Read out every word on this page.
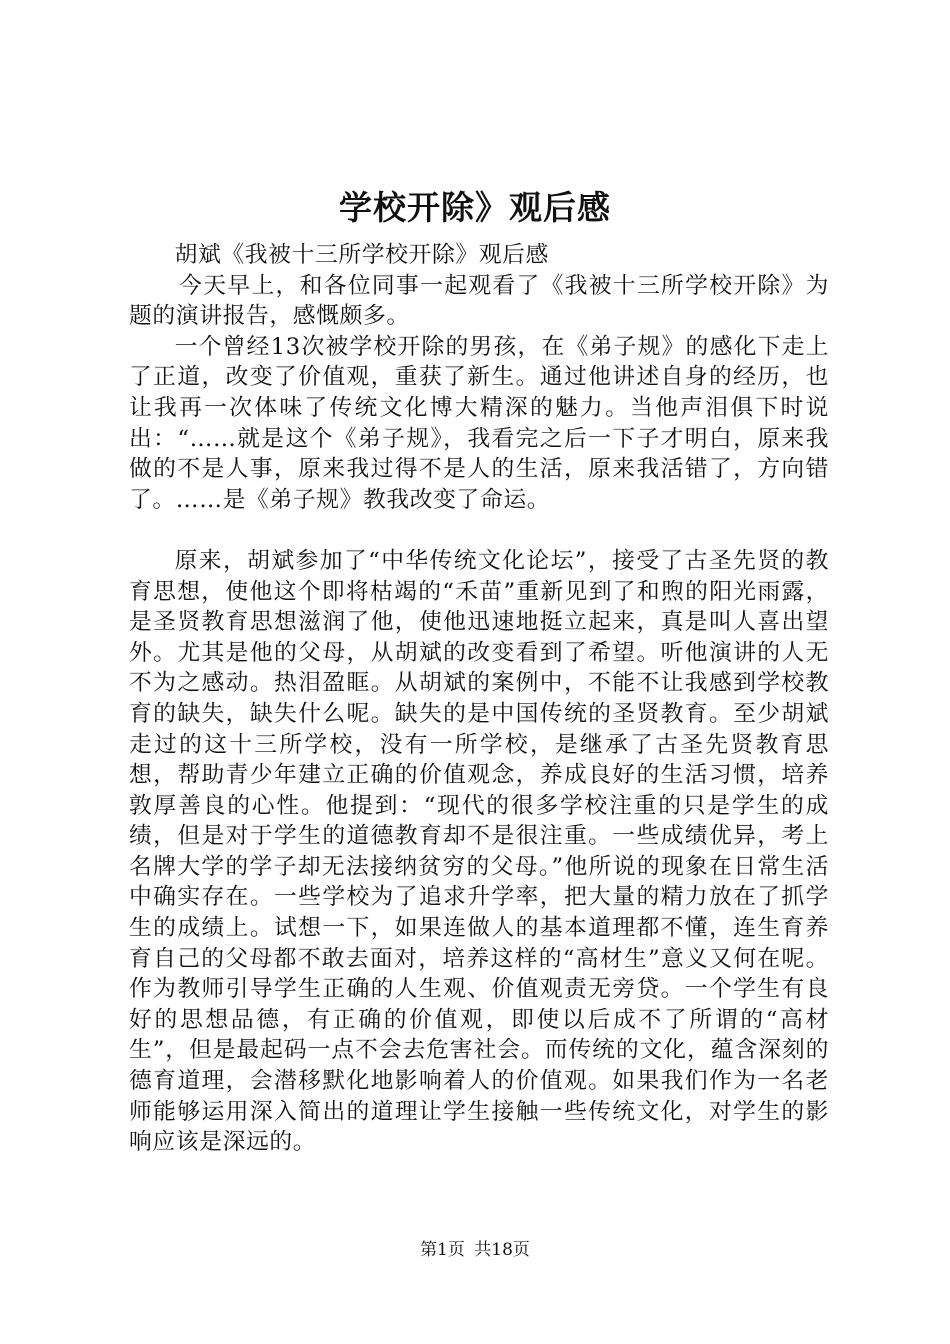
学校开除》观后感

胡斌《我被十三所学校开除》观后感

今天早上，和各位同事一起观看了《我被十三所学校开除》为题的演讲报告，感慨颇多。

一个曾经13次被学校开除的男孩，在《弟子规》的感化下走上了正道，改变了价值观，重获了新生。通过他讲述自身的经历，也让我再一次体味了传统文化博大精深的魅力。当他声泪俱下时说出：“……就是这个《弟子规》，我看完之后一下子才明白，原来我做的不是人事，原来我过得不是人的生活，原来我活错了，方向错了。……是《弟子规》教我改变了命运。

原来，胡斌参加了“中华传统文化论坛”，接受了古圣先贤的教育思想，使他这个即将枯竭的“禾苗”重新见到了和煦的阳光雨露，是圣贤教育思想滋润了他，使他迅速地挺立起来，真是叫人喜出望外。尤其是他的父母，从胡斌的改变看到了希望。听他演讲的人无不为之感动。热泪盈眶。从胡斌的案例中，不能不让我感到学校教育的缺失，缺失什么呢。缺失的是中国传统的圣贤教育。至少胡斌走过的这十三所学校，没有一所学校，是继承了古圣先贤教育思想，帮助青少年建立正确的价值观念，养成良好的生活习惯，培养敦厚善良的心性。他提到：“现代的很多学校注重的只是学生的成绩，但是对于学生的道德教育却不是很注重。一些成绩优异，考上名牌大学的学子却无法接纳贫穷的父母。”他所说的现象在日常生活中确实存在。一些学校为了追求升学率，把大量的精力放在了抓学生的成绩上。试想一下，如果连做人的基本道理都不懂，连生育养育自己的父母都不敢去面对，培养这样的“高材生”意义又何在呢。作为教师引导学生正确的人生观、价值观责无旁贷。一个学生有良好的思想品德，有正确的价值观，即使以后成不了所谓的“高材生”，但是最起码一点不会去危害社会。而传统的文化，蕴含深刻的德育道理，会潜移默化地影响着人的价值观。如果我们作为一名老师能够运用深入简出的道理让学生接触一些传统文化，对学生的影响应该是深远的。

第1页 共18页
